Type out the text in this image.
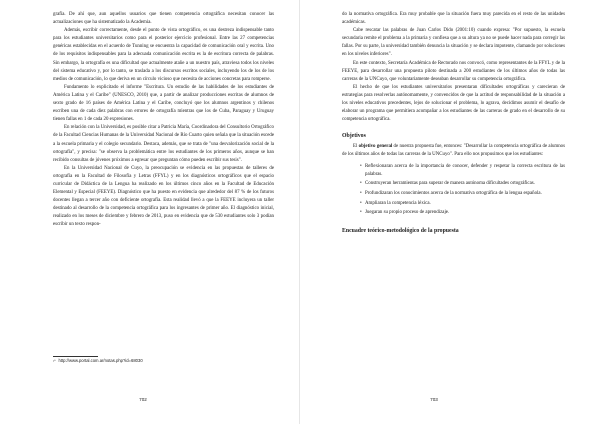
grafía. De ahí que, aun aquellos usuarios que tienen competencia ortográfica necesitan conocer las actualizaciones que ha sistematizado la Academia.

Además, escribir correctamente, desde el punto de vista ortográfico, es una destreza indispensable tanto para los estudiantes universitarios como para el posterior ejercicio profesional. Entre las 27 competencias genéricas establecidas en el acuerdo de Tunning se encuentra la capacidad de comunicación oral y escrita. Uno de los requisitos indispensables para la adecuada comunicación escrita es la de escritura correcta de palabras. Sin embargo, la ortografía es una dificultad que actualmente atañe a un nuestro país, atraviesa todos los niveles del sistema educativo y, por lo tanto, se traslada a los discursos escritos sociales, incluyendo los de los de los medios de comunicación, lo que deriva en un círculo vicioso que necesita de acciones concretas para romperse.

Fundamento lo explicitado el informe "Escritura. Un estudio de las habilidades de los estudiantes de América Latina y el Caribe" (UNESCO, 2010) que, a partir de analizar producciones escritas de alumnos de sexto grado de 16 países de América Latina y el Caribe, concluyó que los alumnos argentinos y chilenos escriben una de cada diez palabras con errores de ortografía mientras que los de Cuba, Paraguay y Uruguay tienen fallas en 1 de cada 20 expresiones.

En relación con la Universidad, es posible citar a Patricia María, Coordinadora del Consultorio Ortográfico de la Facultad Ciencias Humanas de la Universidad Nacional de Río Cuarto quien señala que la situación escede a la escuela primaria y el colegio secundario. Destaca, además, que se trata de "una desvalorización social de la ortografía", y precisa: "se observa la problemática entre los estudiantes de los primeros años, aunque se han recibido consultas de jóvenes próximos a egresar que preguntan cómo pueden escribir sus tesis".

En la Universidad Nacional de Cuyo, la preocupación se evidencia en las propuestas de talleres de ortografía en la Facultad de Filosofía y Letras (FFYL) y en los diagnósticos ortográficos que el espacio curricular de Didáctica de la Lengua ha realizado en los últimos cinco años en la Facultad de Educación Elemental y Especial (FEEYE). Diagnóstico que ha puesto en evidencia que alrededor del 87 % de los futuros docentes llegan a tercer año con deficiente ortografía. Esta realidad llevó a que la FEEYE incluyera un taller destinado al desarrollo de la competencia ortográfica para los ingresantes de primer año. El diagnóstico inicial, realizado en los meses de diciembre y febrero de 2013, puso en evidencia que de 530 estudiantes solo 3 podían escribir un texto respon-

$^{^{10}}$ http://www.portal.com.ar/notas.php?id=68030
702

do la normativa ortográfica. Era muy probable que la situación fuera muy parecida en el resto de las unidades académicas.

Cabe rescatar las palabras de Juan Carlos Dido (2001:10) cuando expresa: "Por supuesto, la escuela secundaria remite el problema a la primaria y confiesa que a su altura ya no se puede hacer nada para corregir las fallas. Por su parte, la universidad también denuncia la situación y se declara impotente, clamando por soluciones en los niveles inferiores".

En este contexto, Secretaría Académica de Rectorado nos convocó, como representantes de la FFYL y de la FEEYE, para desarrollar una propuesta piloto destinada a 200 estudiantes de los últimos años de todas las carreras de la UNCuyo, que voluntariamente deseaban desarrollar su competencia ortográfica.

El hecho de que los estudiantes universitarios presentaran dificultades ortográficas y carecieran de estrategias para resolverlas autónomamente, y convencidos de que la actitud de responsabilidad de la situación a los niveles educativos precedentes, lejos de solucionar el problema, lo agrava, decidimos asumir el desafío de elaborar un programa que permitiera acompañar a los estudiantes de las carreras de grado en el desarrollo de su competencia ortográfica.

Objetivos

El objetivo general de nuestra propuesta fue, entonces: "Desarrollar la competencia ortográfica de alumnos de los últimos años de todas las carreras de la UNCuyo". Para ello nos propusimos que los estudiantes:

• Reflexionaran acerca de la importancia de conocer, defender y respetar la correcta escritura de las palabras.
• Construyeran herramientas para superar de manera autónoma dificultades ortográficas.
• Profundizaran los conocimientos acerca de la normativa ortográfica de la lengua española.
• Ampliaran la competencia léxica.
• Juegaran su propio proceso de aprendizaje.
Encuadre teórico-metodológico de la propuesta
703
